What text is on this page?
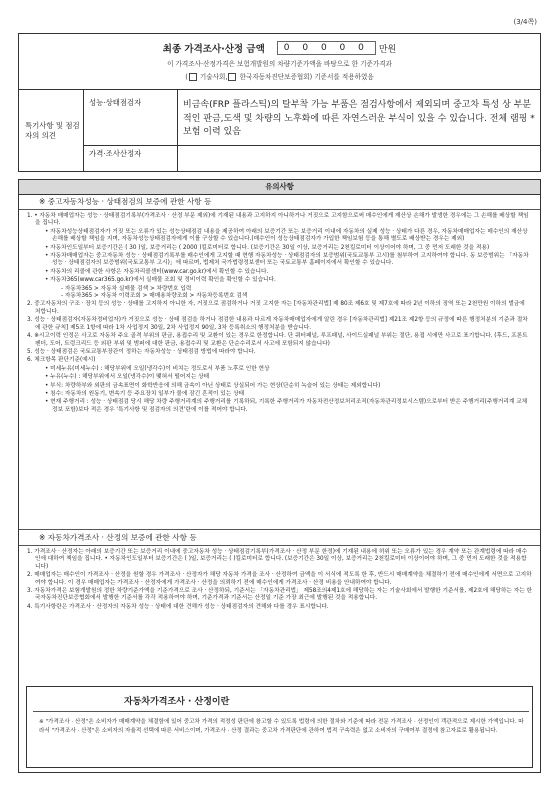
(3/4쪽)
최종 가격조사·산정 금액 0 0 0 0 0 만원
이 가격조사·산정가격은 보험개발원의 차량기준가액을 바탕으로 한 기준가격과
( 기술사회, 한국자동차진단보증협회) 기준서를 적용하였음
특기사항 및 점검자의 의견
성능·상태점검자	비금속(FRP 플라스틱)의 탈부착 가능 부품은 점검사항에서 제외되며 중고차 특성 상 부분적인 판금,도색 및 차량의 노후화에 따른 자연스러운 부식이 있을 수 있습니다. 전체 램핑 *보험 이력 있음
가격·조사산정자
유의사항
※ 중고자동차성능 · 상태점검의 보증에 관한 사항 등

1. • 자동차 매매업자는 성능 · 상태점검기록부(가격조사 · 산정 부문 제외)에 기재된 내용과 고지하지 아니하거나 거짓으로 고지함으로써 매수인에게 재산상 손해가 발생한 경우에는 그 손해를 배상할 책임을 집니다.

• 자동차성능상태점검자가 거짓 또는 오류가 있는 성능상태점검 내용을 제공하여 아래의 보증기간 또는 보증거리 이내에 자동차의 실제 성능 · 상태가 다른 경우, 자동차매매업자는 매수인의 재산상 손해를 배상할 책임을 지며, 자동차성능상태점검자에게 이를 구상할 수 있습니다.(매수인이 성능상태점검자가 가입한 책임보험 등을 통해 별도로 배상받는 경우는 제외)

• 자동차인도일부터 보증기간은 ( 30 )일, 보증거리는 ( 2000 )킬로미터로 합니다. (보증기간은 30일 이상, 보증거리는 2천킬로미터 이상이어야 하며, 그 중 먼저 도래한 것을 적용)

• 자동차매매업자는 중고자동차 성능 · 상태점검기록부를 매수인에게 고지할 때 현행 자동차성능 · 상태점검자의 보증범위(국토교통부 고시)를 첨부하여 고지하여야 합니다. 동 보증범위는 「자동차성능 · 상태점검자의 보증범위(국토교통부 고시)」에 따르며, 법제처 국가법령정보센터 또는 국토교통부 홈페이지에서 확인할 수 있습니다.

• 자동차의 리콜에 관한 사항은 자동차리콜센터(www.car.go.kr)에서 확인할 수 있습니다.

• 자동차365(www.car365.go.kr)에서 실매물 조회 및 정비이력 확인을 확인할 수 있습니다.

- 자동차365 > 자동차 실매물 검색 > 차량번호 입력

- 자동차365 > 자동차 이력조회 > 매매용차량조회 > 자동차등록번호 검색

2. 중고자동차의 구조 · 장치 등의 성능 · 상태를 고지하지 아니한 자, 거짓으로 점검하거나 거짓 고지한 자는 [자동차관리법] 제 80조 제6호 및 제7호에 따라 2년 이하의 징역 또는 2천만원 이하의 벌금에 처합니다.

3. 성능 · 상태점검자(자동차정비업자)가 거짓으로 성능 · 상태 점검을 하거나 점검한 내용과 다르게 자동차매매업자에게 알린 경우 [자동차관리법] 제21조 제2항 등의 규정에 따른 행정처분의 기준과 절차에 관한 규칙] 제5조 1항에 따라 1차 사업정지 30일, 2차 사업정지 90일, 3차 등록취소의 행정처분을 받습니다.

4. ※시고이력 인정은 사고로 자동차 주요 골격 부위의 판금, 용접수리 및 교환이 있는 경우로 한정합니다. 단 쿼터패널, 루프패널, 사이드실패널 부위는 절단, 용접 시에만 사고로 표기합니다. (후드, 프론트펜더, 도어, 트렁크리드 등 외판 부위 및 범퍼에 대한 판금, 용접수리 및 교환은 단순수리로서 사고에 포함되지 않습니다)

5. 성능 · 상태점검은 국토교통부장관이 정하는 자동차성능 · 상태점검 방법에 따라야 합니다.

6. 체크항목 판단기준(예시)

• 미세누유(미세누수) : 해당부위에 오일(냉각수)이 비치는 정도로서 부품 노후로 인한 현상

• 누유(누수) : 해당부위에서 오일(냉각수)이 맺혀서 떨어지는 상태

• 부식: 차량하부와 외판의 금속표면이 화학반응에 의해 금속이 아닌 상태로 상실되어 가는 현상(단순히 녹슬어 있는 상태는 제외합니다)

• 침수: 자동차의 원동기, 변속기 등 주요장치 일부가 물에 잠긴 흔적이 있는 상태

• 현재 주행거리 : 성능 · 상태점검 당시 해당 차량 주행거리계의 주행거리를 기록하되, 기록한 주행거리가 자동차전산정보처리조직(자동차관리정보시스템)으로부터 받은 주행거리(주행거리계 교체 정보 포함)보다 적은 경우 '특기사항 및 점검자의 의견'란에 이를 적어야 합니다.

※ 자동차가격조사 · 산정의 보증에 관한 사항 등

1. 가격조사 · 산정자는 아래의 보증기간 또는 보증거리 이내에 중고자동차 성능 · 상태점검기록부(가격조사 · 산정 부문 한정)에 기재된 내용에 허위 또는 오류가 있는 경우 계약 또는 관계법령에 따라 매수인에 대하여 책임을 집니다. • 자동차인도일부터 보증기간은 ( )일, 보증거리는 ( )킬로미터로 합니다. (보증기간은 30일 이상, 보증거리는 2천킬로미터 이상이어야 하며, 그 중 먼저 도래한 것을 적용합니다)

2. 매매업자는 매수인이 가격조사 · 산정을 원할 경우 가격조사 · 산정자가 해당 자동차 가격을 조사 · 산정하여 금액을 이 서식에 적도록 한 후, 반드시 매매계약을 체결하기 전에 매수인에게 서면으로 고지하여야 합니다. 이 경우 매매업자는 가격조사 · 산정자에게 가격조사 · 산정을 의뢰하기 전에 매수인에게 가격조사 · 산정 비용을 안내하여야 합니다.

3. 자동차가격은 보험개발원의 정한 차량기준가액을 기준가격으로 조사 · 산정하되, 기준서는 「자동차관리법」 제58조의4제1호에 해당하는 자는 기술사회에서 발행한 기준서를, 제2호에 해당하는 자는 한국자동차진단보증협회에서 발행한 기준서를 각각 적용하여야 하며, 기준가격과 기준서는 산정일 기준 가장 최근에 발행된 것을 적용합니다.

4. 특기사항란은 가격조사 · 산정자의 자동차 성능 · 상태에 대한 견해가 성능 · 상태점검자의 견해와 다를 경우 표시합니다.

자동차가격조사 · 산정이란
※ "가격조사 · 산정"은 소비자가 매매계약을 체결함에 있어 중고차 가격의 적정성 판단에 참고할 수 있도록 법령에 의한 절차와 기준에 따라 전문 가격조사 · 산정인이 객관적으로 제시한 가액입니다. 따라서 "가격조사 · 산정"은 소비자의 자율적 선택에 따른 서비스이며, 가격조사 · 산정 결과는 중고차 가격판단에 관하여 법적 구속력은 없고 소비자의 구매여부 결정에 참고자료로 활용됩니다.
